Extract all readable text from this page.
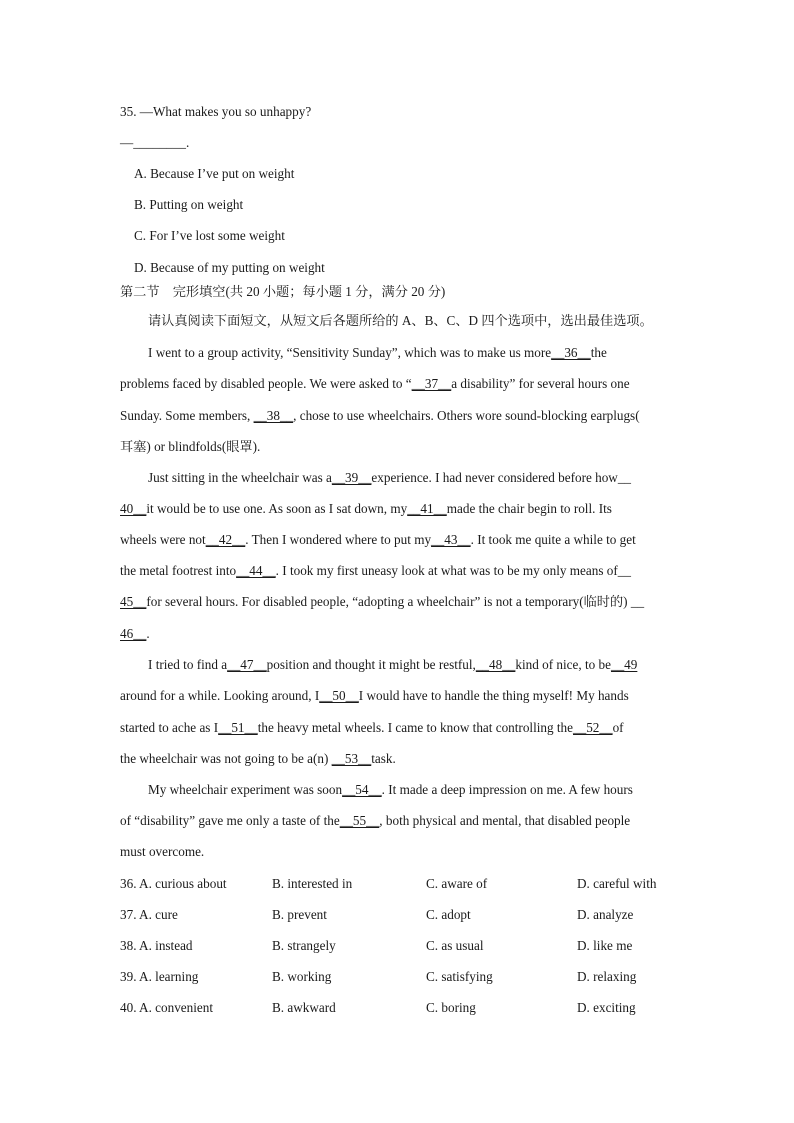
35. —What makes you so unhappy?
—________.
A. Because I’ve put on weight
B. Putting on weight
C. For I’ve lost some weight
D. Because of my putting on weight
第二节　完形填空(共 20 小题；每小题 1 分，满分 20 分)
请认真阅读下面短文，从短文后各题所给的 A、B、C、D 四个选项中，选出最佳选项。
I went to a group activity, “Sensitivity Sunday”, which was to make us more__36__the
problems faced by disabled people. We were asked to “__37__a disability” for several hours one
Sunday. Some members, __38__, chose to use wheelchairs. Others wore sound-blocking earplugs(
耳塞) or blindfolds(眼罩).
Just sitting in the wheelchair was a__39__experience. I had never considered before how__
40__it would be to use one. As soon as I sat down, my__41__made the chair begin to roll. Its
wheels were not__42__. Then I wondered where to put my__43__. It took me quite a while to get
the metal footrest into__44__. I took my first uneasy look at what was to be my only means of__
45__for several hours. For disabled people, “adopting a wheelchair” is not a temporary(临时的) __
46__.
I tried to find a__47__position and thought it might be restful,__48__kind of nice, to be__49
around for a while. Looking around, I__50__I would have to handle the thing myself! My hands
started to ache as I__51__the heavy metal wheels. I came to know that controlling the__52__of
the wheelchair was not going to be a(n) __53__task.
My wheelchair experiment was soon__54__. It made a deep impression on me. A few hours
of “disability” gave me only a taste of the__55__, both physical and mental, that disabled people
must overcome.
36. A. curious about	B. interested in	C. aware of	D. careful with
37. A. cure	B. prevent	C. adopt	D. analyze
38. A. instead	B. strangely	C. as usual	D. like me
39. A. learning	B. working	C. satisfying	D. relaxing
40. A. convenient	B. awkward	C. boring	D. exciting
